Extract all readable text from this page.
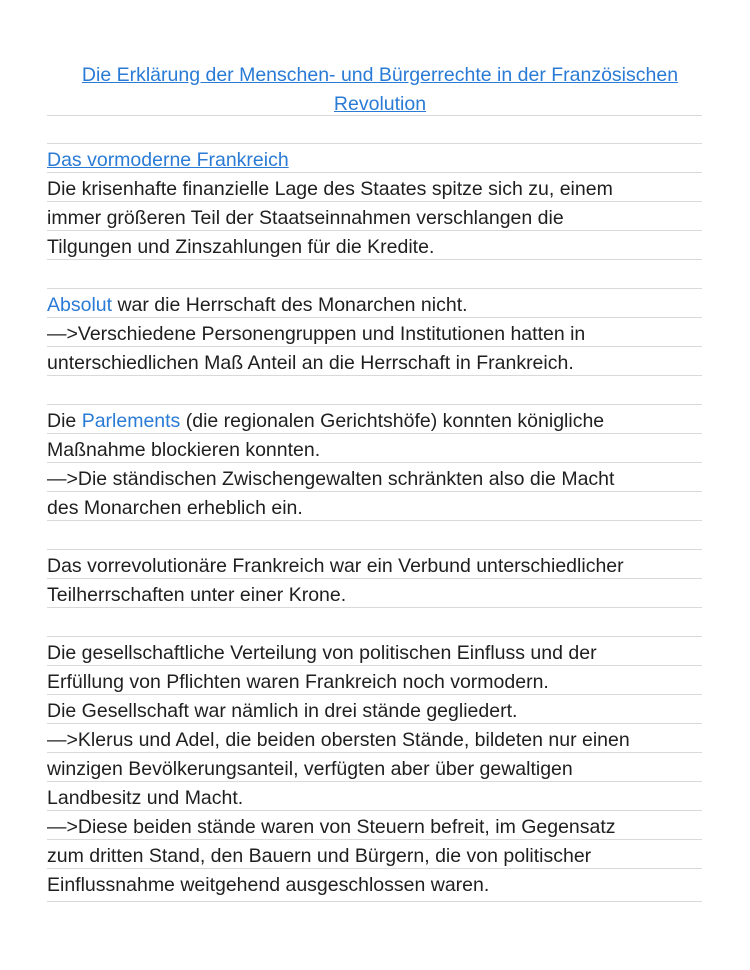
Die Erklärung der Menschen- und Bürgerrechte in der Französischen
Revolution
Das vormoderne Frankreich
Die krisenhafte finanzielle Lage des Staates spitze sich zu, einem
immer größeren Teil der Staatseinnahmen verschlangen die
Tilgungen und Zinszahlungen für die Kredite.
Absolut war die Herrschaft des Monarchen nicht.
—>Verschiedene Personengruppen und Institutionen hatten in
unterschiedlichen Maß Anteil an die Herrschaft in Frankreich.
Die Parlements (die regionalen Gerichtshöfe) konnten königliche
Maßnahme blockieren konnten.
—>Die ständischen Zwischengewalten schränkten also die Macht
des Monarchen erheblich ein.
Das vorrevolutionäre Frankreich war ein Verbund unterschiedlicher
Teilherrschaften unter einer Krone.
Die gesellschaftliche Verteilung von politischen Einfluss und der
Erfüllung von Pflichten waren Frankreich noch vormodern.
Die Gesellschaft war nämlich in drei stände gegliedert.
—>Klerus und Adel, die beiden obersten Stände, bildeten nur einen
winzigen Bevölkerungsanteil, verfügten aber über gewaltigen
Landbesitz und Macht.
—>Diese beiden stände waren von Steuern befreit, im Gegensatz
zum dritten Stand, den Bauern und Bürgern, die von politischer
Einflussnahme weitgehend ausgeschlossen waren.
